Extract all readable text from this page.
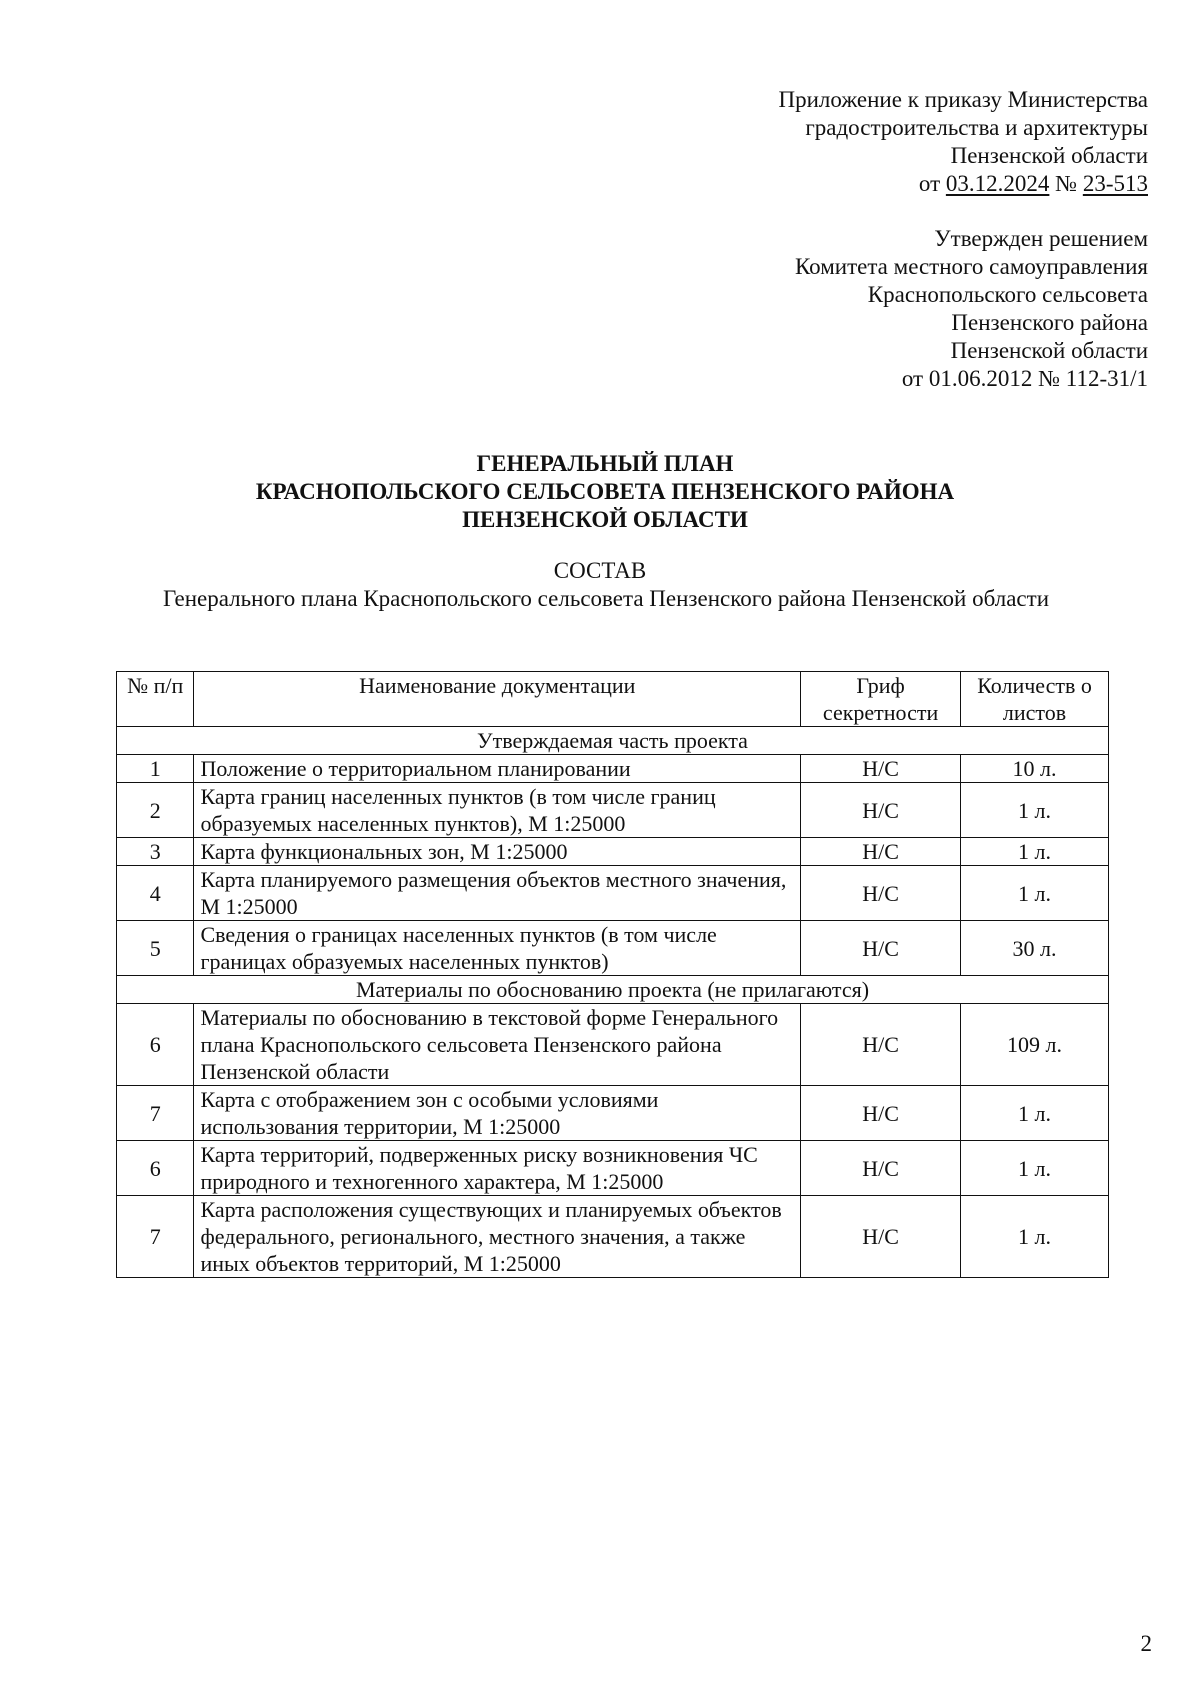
Приложение к приказу Министерства
градостроительства и архитектуры
Пензенской области
от 03.12.2024 № 23-513
Утвержден решением
Комитета местного самоуправления
Краснопольского сельсовета
Пензенского района
Пензенской области
от 01.06.2012 № 112-31/1
ГЕНЕРАЛЬНЫЙ ПЛАН
КРАСНОПОЛЬСКОГО СЕЛЬСОВЕТА ПЕНЗЕНСКОГО РАЙОНА
ПЕНЗЕНСКОЙ ОБЛАСТИ
СОСТАВ
Генерального плана Краснопольского сельсовета Пензенского района Пензенской области
№ п/п	Наименование документации	Гриф секретности	Количеств о листов
Утверждаемая часть проекта			
1	Положение о территориальном планировании	Н/С	10 л.
2	Карта границ населенных пунктов (в том числе границ образуемых населенных пунктов), М 1:25000	Н/С	1 л.
3	Карта функциональных зон, М 1:25000	Н/С	1 л.
4	Карта планируемого размещения объектов местного значения, М 1:25000	Н/С	1 л.
5	Сведения о границах населенных пунктов (в том числе границах образуемых населенных пунктов)	Н/С	30 л.
Материалы по обоснованию проекта (не прилагаются)			
6	Материалы по обоснованию в текстовой форме Генерального плана Краснопольского сельсовета Пензенского района Пензенской области	Н/С	109 л.
7	Карта с отображением зон с особыми условиями использования территории, М 1:25000	Н/С	1 л.
6	Карта территорий, подверженных риску возникновения ЧС природного и техногенного характера, М 1:25000	Н/С	1 л.
7	Карта расположения существующих и планируемых объектов федерального, регионального, местного значения, а также иных объектов территорий, М 1:25000	Н/С	1 л.
2
